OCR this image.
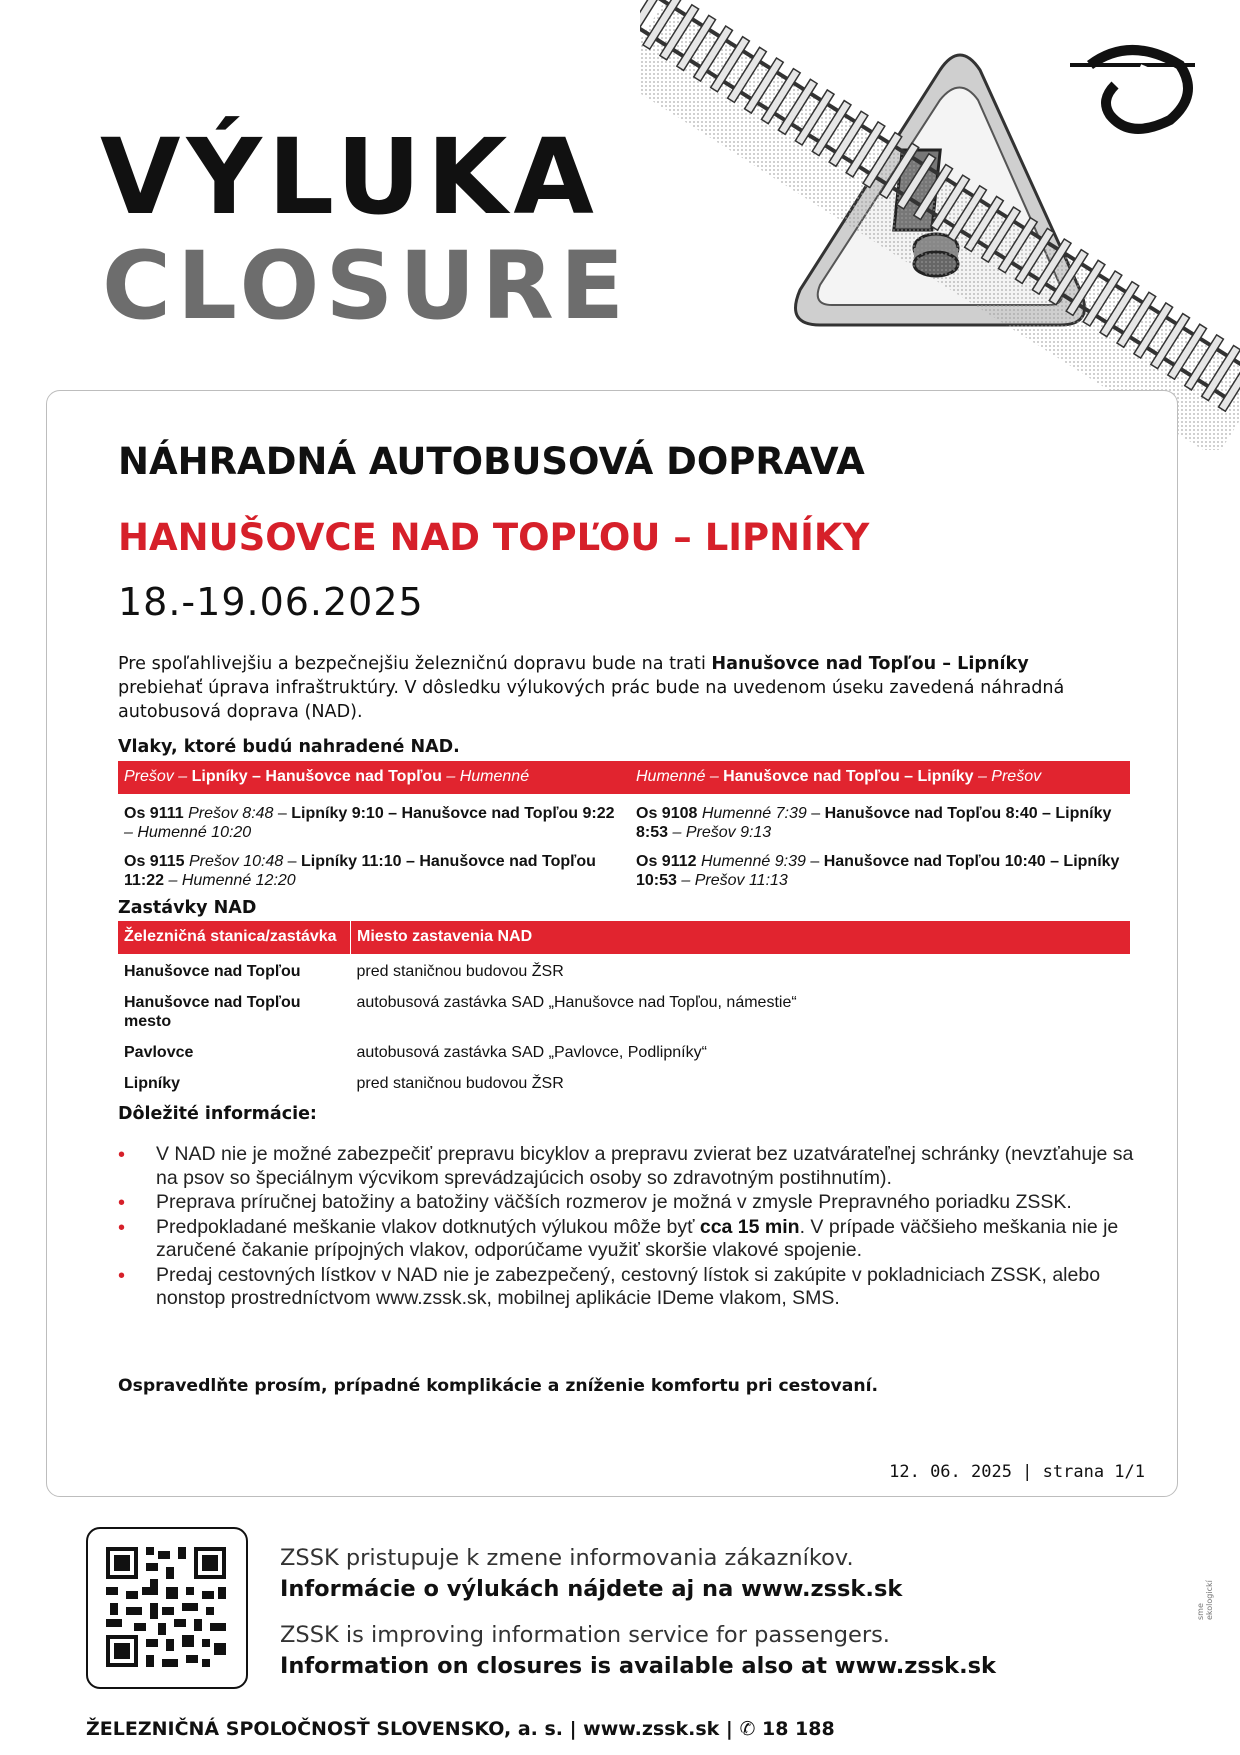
VÝLUKA
CLOSURE
NÁHRADNÁ AUTOBUSOVÁ DOPRAVA
HANUŠOVCE NAD TOPĽOU – LIPNÍKY
18.-19.06.2025
Pre spoľahlivejšiu a bezpečnejšiu železničnú dopravu bude na trati Hanušovce nad Topľou – Lipníky prebiehať úprava infraštruktúry. V dôsledku výlukových prác bude na uvedenom úseku zavedená náhradná autobusová doprava (NAD).
Vlaky, ktoré budú nahradené NAD.
Prešov – Lipníky – Hanušovce nad Topľou – Humenné	Humenné – Hanušovce nad Topľou – Lipníky – Prešov
Os 9111 Prešov 8:48 – Lipníky 9:10 – Hanušovce nad Topľou 9:22 – Humenné 10:20	Os 9108 Humenné 7:39 – Hanušovce nad Topľou 8:40 – Lipníky 8:53 – Prešov 9:13
Os 9115 Prešov 10:48 – Lipníky 11:10 – Hanušovce nad Topľou 11:22 – Humenné 12:20	Os 9112 Humenné 9:39 – Hanušovce nad Topľou 10:40 – Lipníky 10:53 – Prešov 11:13
Zastávky NAD
Železničná stanica/zastávka	Miesto zastavenia NAD
Hanušovce nad Topľou	pred staničnou budovou ŽSR
Hanušovce nad Topľou mesto	autobusová zastávka SAD „Hanušovce nad Topľou, námestie“
Pavlovce	autobusová zastávka SAD „Pavlovce, Podlipníky“
Lipníky	pred staničnou budovou ŽSR
Dôležité informácie:
• V NAD nie je možné zabezpečiť prepravu bicyklov a prepravu zvierat bez uzatvárateľnej schránky (nevzťahuje sa na psov so špeciálnym výcvikom sprevádzajúcich osoby so zdravotným postihnutím).
• Preprava príručnej batožiny a batožiny väčších rozmerov je možná v zmysle Prepravného poriadku ZSSK.
• Predpokladané meškanie vlakov dotknutých výlukou môže byť cca 15 min. V prípade väčšieho meškania nie je zaručené čakanie prípojných vlakov, odporúčame využiť skoršie vlakové spojenie.
• Predaj cestovných lístkov v NAD nie je zabezpečený, cestovný lístok si zakúpite v pokladniciach ZSSK, alebo nonstop prostredníctvom www.zssk.sk, mobilnej aplikácie IDeme vlakom, SMS.
Ospravedlňte prosím, prípadné komplikácie a zníženie komfortu pri cestovaní.
12. 06. 2025 | strana 1/1
ZSSK pristupuje k zmene informovania zákazníkov.
Informácie o výlukách nájdete aj na www.zssk.sk
ZSSK is improving information service for passengers.
Information on closures is available also at www.zssk.sk
ŽELEZNIČNÁ SPOLOČNOSŤ SLOVENSKO, a. s. | www.zssk.sk | ✆ 18 188
sme ekologickí
